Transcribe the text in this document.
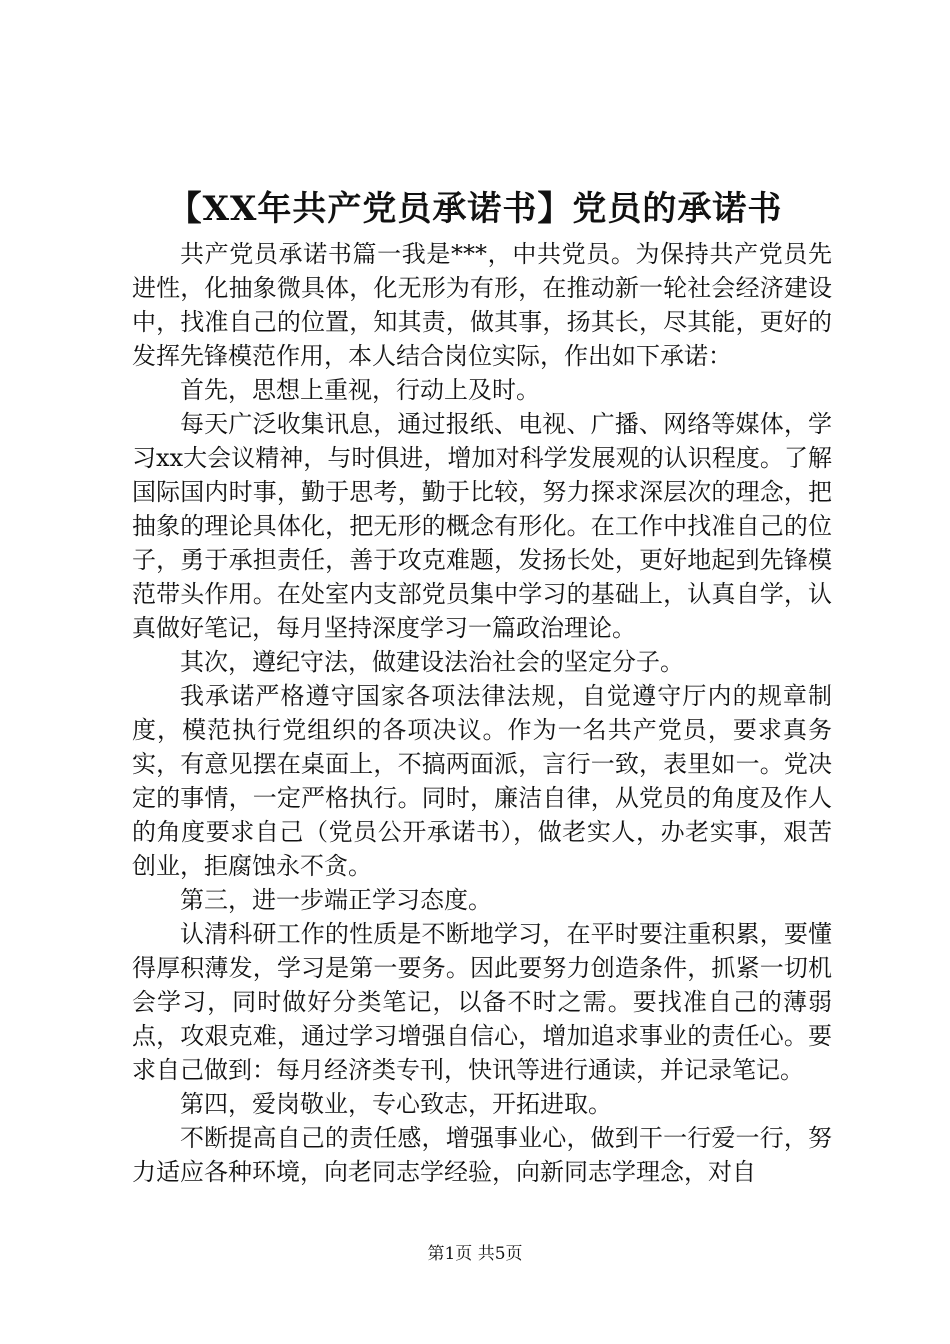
【XX年共产党员承诺书】党员的承诺书

共产党员承诺书篇一我是***，中共党员。为保持共产党员先进性，化抽象微具体，化无形为有形，在推动新一轮社会经济建设中，找准自己的位置，知其责，做其事，扬其长，尽其能，更好的发挥先锋模范作用，本人结合岗位实际，作出如下承诺：

首先，思想上重视，行动上及时。

每天广泛收集讯息，通过报纸、电视、广播、网络等媒体，学习xx大会议精神，与时俱进，增加对科学发展观的认识程度。了解国际国内时事，勤于思考，勤于比较，努力探求深层次的理念，把抽象的理论具体化，把无形的概念有形化。在工作中找准自己的位子，勇于承担责任，善于攻克难题，发扬长处，更好地起到先锋模范带头作用。在处室内支部党员集中学习的基础上，认真自学，认真做好笔记，每月坚持深度学习一篇政治理论。

其次，遵纪守法，做建设法治社会的坚定分子。

我承诺严格遵守国家各项法律法规，自觉遵守厅内的规章制度，模范执行党组织的各项决议。作为一名共产党员，要求真务实，有意见摆在桌面上，不搞两面派，言行一致，表里如一。党决定的事情，一定严格执行。同时，廉洁自律，从党员的角度及作人的角度要求自己（党员公开承诺书），做老实人，办老实事，艰苦创业，拒腐蚀永不贪。

第三，进一步端正学习态度。

认清科研工作的性质是不断地学习，在平时要注重积累，要懂得厚积薄发，学习是第一要务。因此要努力创造条件，抓紧一切机会学习，同时做好分类笔记，以备不时之需。要找准自己的薄弱点，攻艰克难，通过学习增强自信心，增加追求事业的责任心。要求自己做到：每月经济类专刊，快讯等进行通读，并记录笔记。

第四，爱岗敬业，专心致志，开拓进取。

不断提高自己的责任感，增强事业心，做到干一行爱一行，努力适应各种环境，向老同志学经验，向新同志学理念，对自

第1页 共5页
